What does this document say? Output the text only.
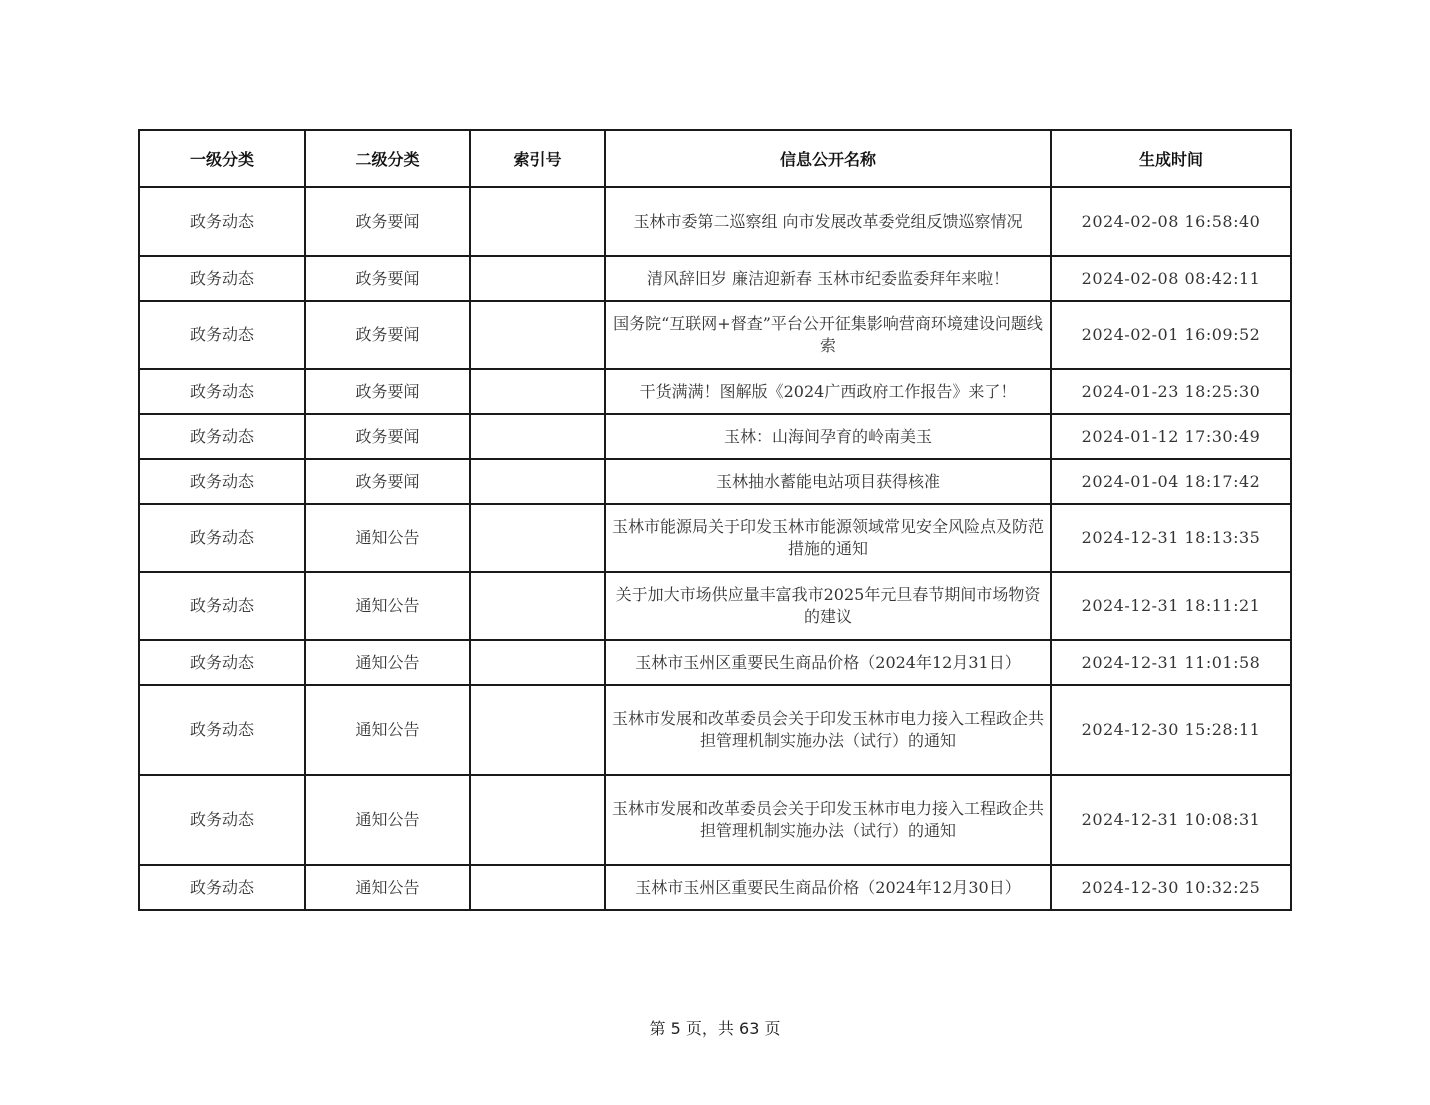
一级分类	二级分类	索引号	信息公开名称	生成时间
政务动态	政务要闻		玉林市委第二巡察组 向市发展改革委党组反馈巡察情况	2024-02-08 16:58:40
政务动态	政务要闻		清风辞旧岁 廉洁迎新春 玉林市纪委监委拜年来啦！	2024-02-08 08:42:11
政务动态	政务要闻		国务院“互联网+督查”平台公开征集影响营商环境建设问题线索	2024-02-01 16:09:52
政务动态	政务要闻		干货满满！图解版《2024广西政府工作报告》来了！	2024-01-23 18:25:30
政务动态	政务要闻		玉林：山海间孕育的岭南美玉	2024-01-12 17:30:49
政务动态	政务要闻		玉林抽水蓄能电站项目获得核准	2024-01-04 18:17:42
政务动态	通知公告		玉林市能源局关于印发玉林市能源领域常见安全风险点及防范措施的通知	2024-12-31 18:13:35
政务动态	通知公告		关于加大市场供应量丰富我市2025年元旦春节期间市场物资的建议	2024-12-31 18:11:21
政务动态	通知公告		玉林市玉州区重要民生商品价格（2024年12月31日）	2024-12-31 11:01:58
政务动态	通知公告		玉林市发展和改革委员会关于印发玉林市电力接入工程政企共担管理机制实施办法（试行）的通知	2024-12-30 15:28:11
政务动态	通知公告		玉林市发展和改革委员会关于印发玉林市电力接入工程政企共担管理机制实施办法（试行）的通知	2024-12-31 10:08:31
政务动态	通知公告		玉林市玉州区重要民生商品价格（2024年12月30日）	2024-12-30 10:32:25
第 5 页，共 63 页
